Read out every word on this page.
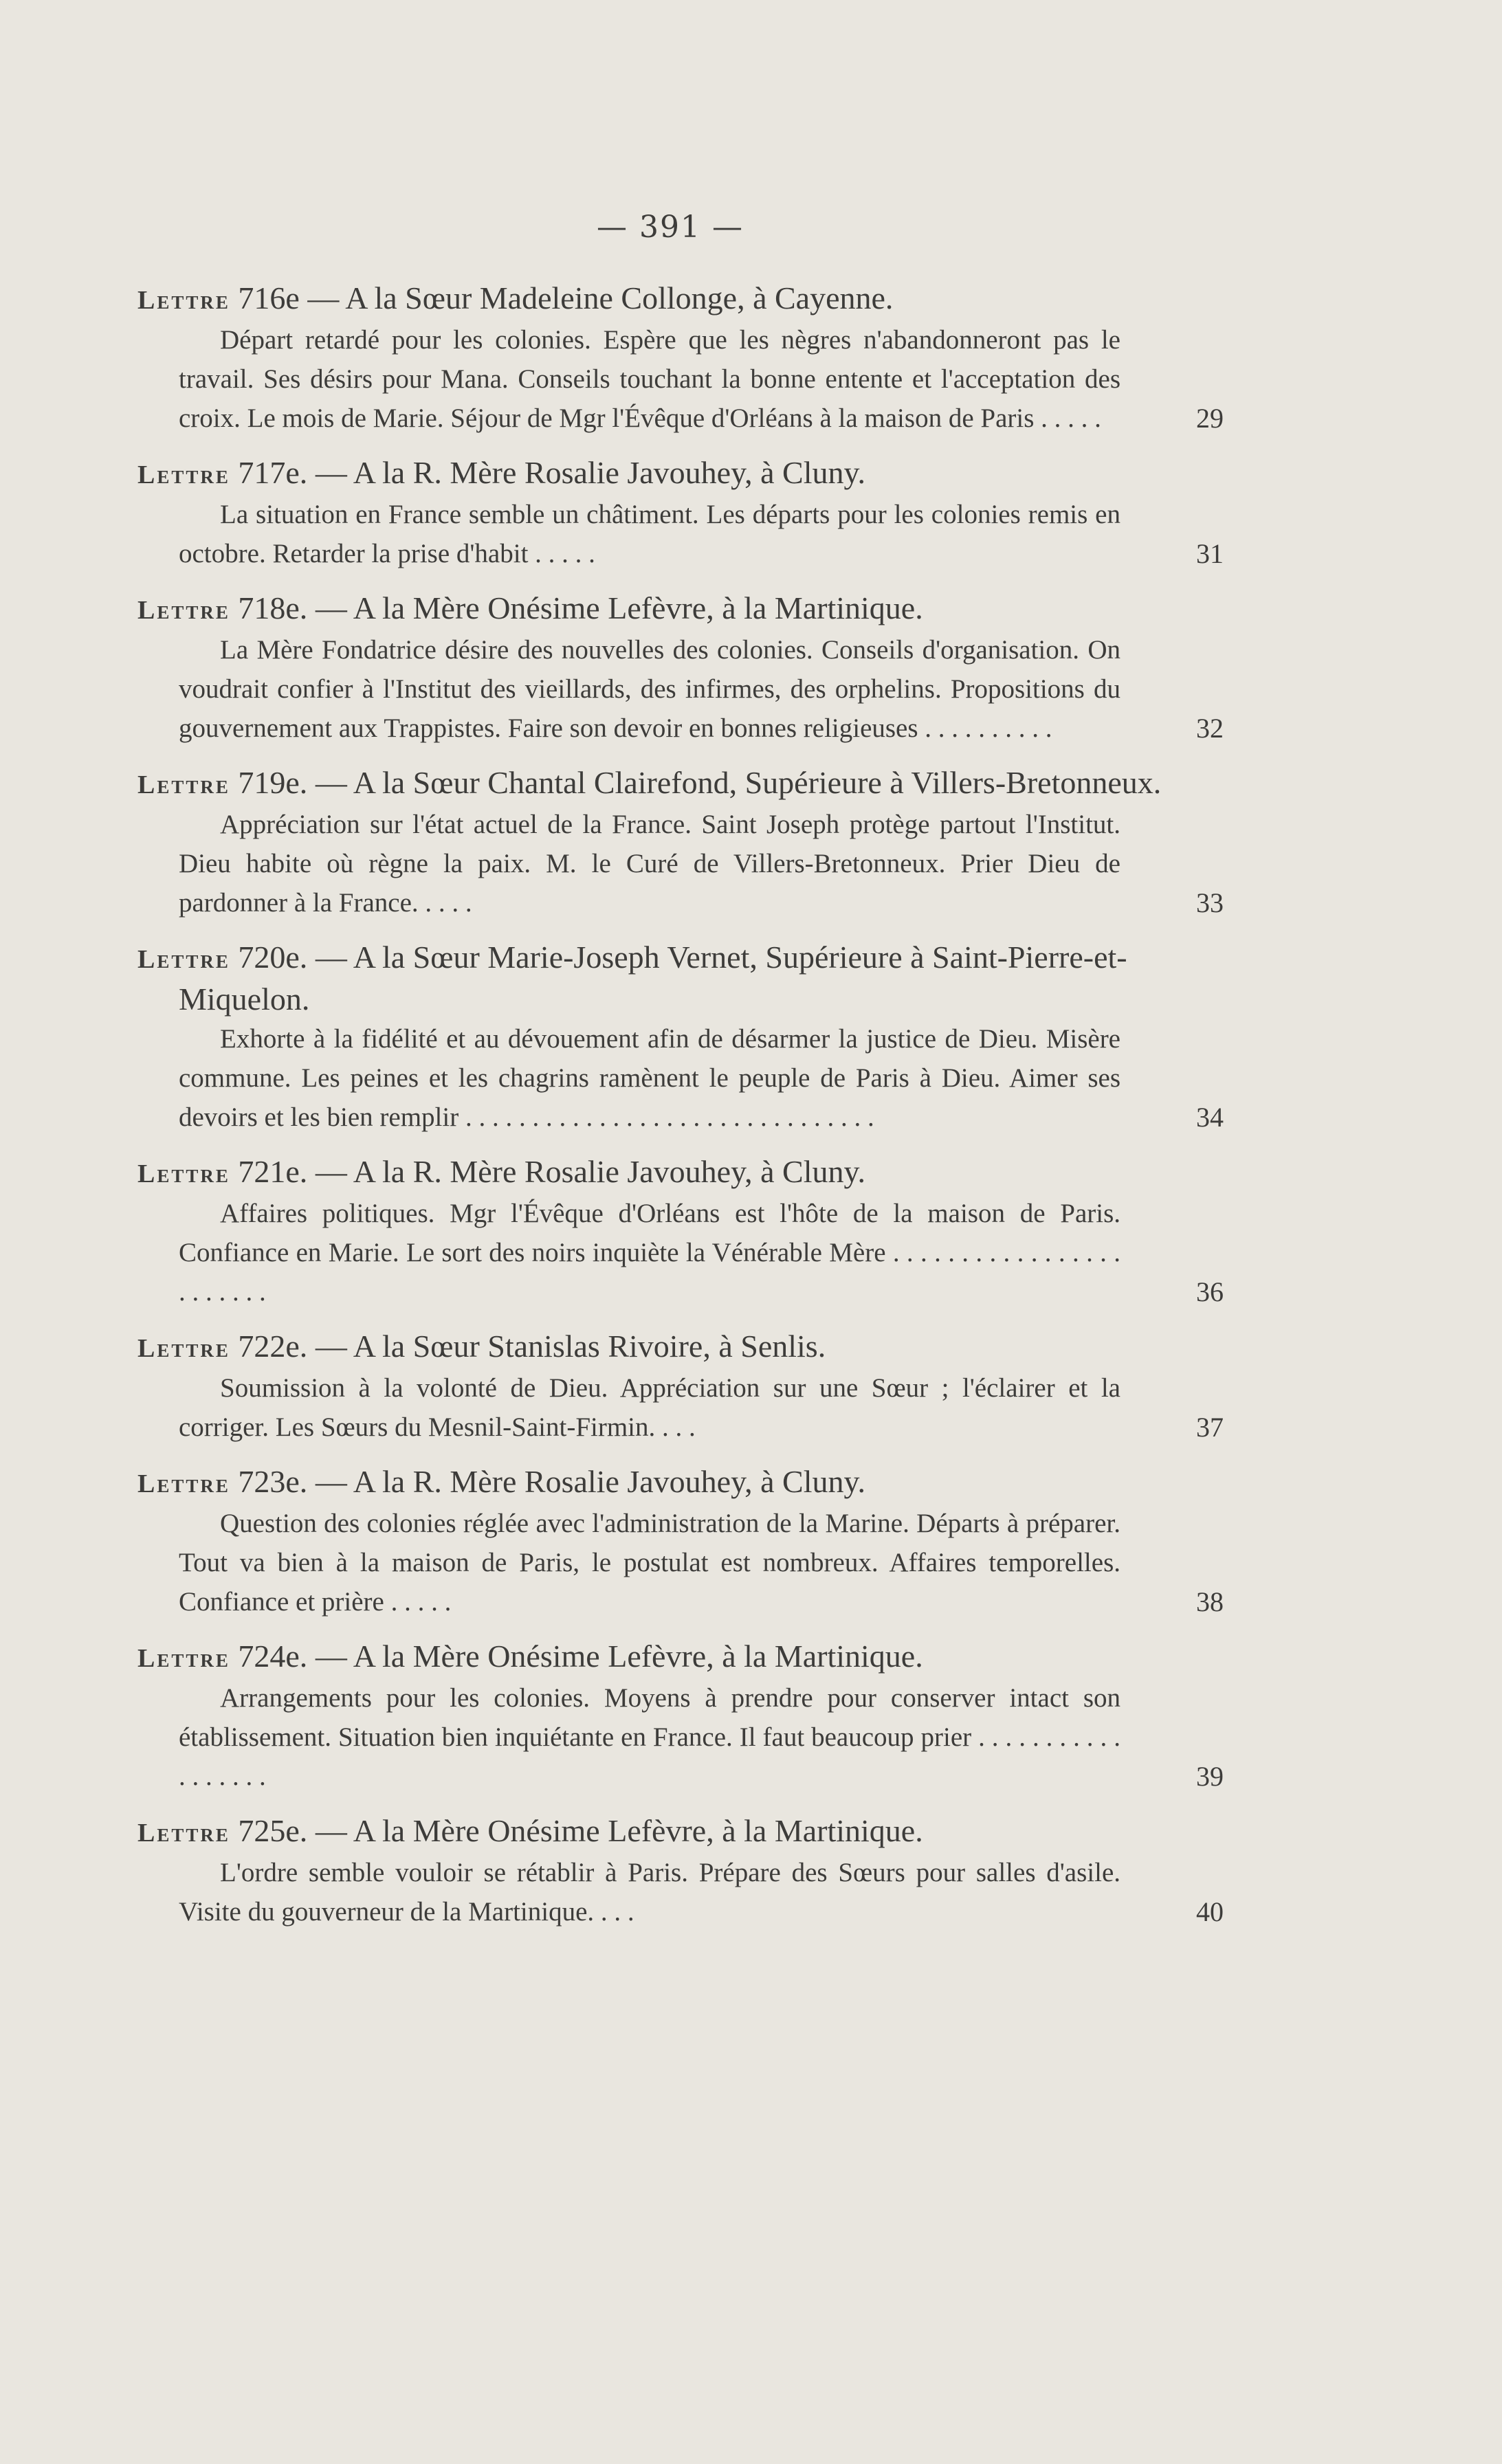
— 391 —
Lettre 716e — A la Sœur Madeleine Collonge, à Cayenne.
Départ retardé pour les colonies. Espère que les nègres n'abandonneront pas le travail. Ses désirs pour Mana. Conseils touchant la bonne entente et l'acceptation des croix. Le mois de Marie. Séjour de Mgr l'Évêque d'Orléans à la maison de Paris . . . . .	29
Lettre 717e. — A la R. Mère Rosalie Javouhey, à Cluny.
La situation en France semble un châtiment. Les départs pour les colonies remis en octobre. Retarder la prise d'habit . . . . .	31
Lettre 718e. — A la Mère Onésime Lefèvre, à la Martinique.
La Mère Fondatrice désire des nouvelles des colonies. Conseils d'organisation. On voudrait confier à l'Institut des vieillards, des infirmes, des orphelins. Propositions du gouvernement aux Trappistes. Faire son devoir en bonnes religieuses . . . . . . . . . .	32
Lettre 719e. — A la Sœur Chantal Clairefond, Supérieure à Villers-Bretonneux.
Appréciation sur l'état actuel de la France. Saint Joseph protège partout l'Institut. Dieu habite où règne la paix. M. le Curé de Villers-Bretonneux. Prier Dieu de pardonner à la France. . . . .	33
Lettre 720e. — A la Sœur Marie-Joseph Vernet, Supérieure à Saint-Pierre-et-Miquelon.
Exhorte à la fidélité et au dévouement afin de désarmer la justice de Dieu. Misère commune. Les peines et les chagrins ramènent le peuple de Paris à Dieu. Aimer ses devoirs et les bien remplir . . . . . . . . . . . . . . . . . . . . . . . . . . . . . . .	34
Lettre 721e. — A la R. Mère Rosalie Javouhey, à Cluny.
Affaires politiques. Mgr l'Évêque d'Orléans est l'hôte de la maison de Paris. Confiance en Marie. Le sort des noirs inquiète la Vénérable Mère . . . . . . . . . . . . . . . . . . . . . . . .	36
Lettre 722e. — A la Sœur Stanislas Rivoire, à Senlis.
Soumission à la volonté de Dieu. Appréciation sur une Sœur ; l'éclairer et la corriger. Les Sœurs du Mesnil-Saint-Firmin. . . .	37
Lettre 723e. — A la R. Mère Rosalie Javouhey, à Cluny.
Question des colonies réglée avec l'administration de la Marine. Départs à préparer. Tout va bien à la maison de Paris, le postulat est nombreux. Affaires temporelles. Confiance et prière . . . . .	38
Lettre 724e. — A la Mère Onésime Lefèvre, à la Martinique.
Arrangements pour les colonies. Moyens à prendre pour conserver intact son établissement. Situation bien inquiétante en France. Il faut beaucoup prier . . . . . . . . . . . . . . . . . .	39
Lettre 725e. — A la Mère Onésime Lefèvre, à la Martinique.
L'ordre semble vouloir se rétablir à Paris. Prépare des Sœurs pour salles d'asile. Visite du gouverneur de la Martinique. . . .	40
